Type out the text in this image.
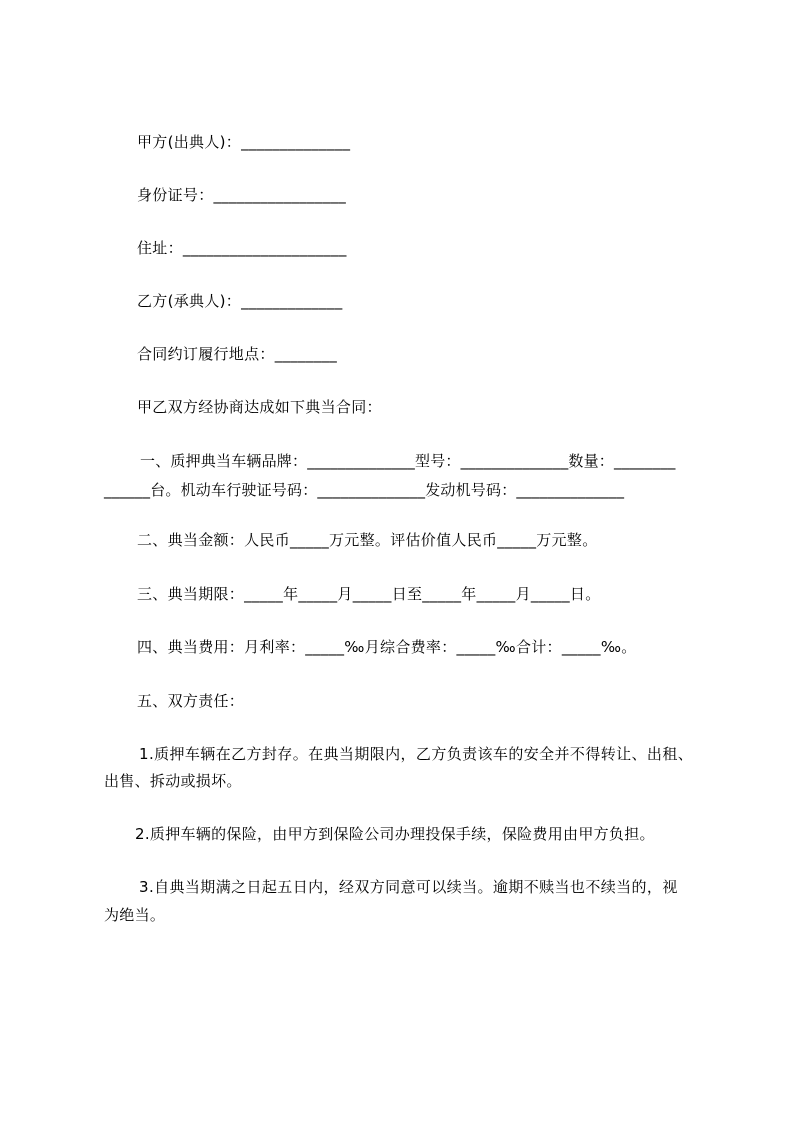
甲方(出典人)：______________
身份证号：_________________
住址：_____________________
乙方(承典人)：_____________
合同约订履行地点：________
甲乙双方经协商达成如下典当合同：
一、质押典当车辆品牌：______________型号：______________数量：________
______台。机动车行驶证号码：______________发动机号码：______________
二、典当金额：人民币_____万元整。评估价值人民币_____万元整。
三、典当期限：_____年_____月_____日至_____年_____月_____日。
四、典当费用：月利率：_____‰月综合费率：_____‰合计：_____‰。
五、双方责任：
1.质押车辆在乙方封存。在典当期限内，乙方负责该车的安全并不得转让、出租、
出售、拆动或损坏。
2.质押车辆的保险，由甲方到保险公司办理投保手续，保险费用由甲方负担。
3.自典当期满之日起五日内，经双方同意可以续当。逾期不赎当也不续当的，视
为绝当。
